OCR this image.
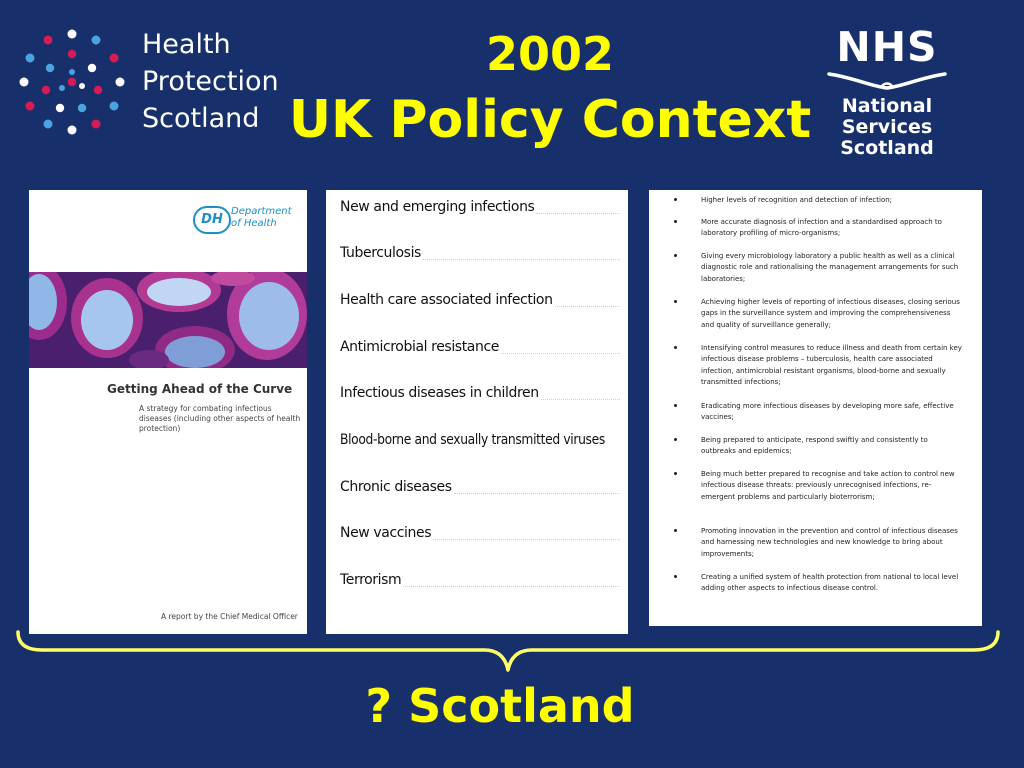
Health
Protection
Scotland
2002
UK Policy Context
NHS
National
Services
Scotland
DH
Department
of Health
Getting Ahead of the Curve
A strategy for combating infectious diseases (including other aspects of health protection)
A report by the Chief Medical Officer
New and emerging infections
Tuberculosis
Health care associated infection
Antimicrobial resistance
Infectious diseases in children
Blood-borne and sexually transmitted viruses
Chronic diseases
New vaccines
Terrorism
Higher levels of recognition and detection of infection;
More accurate diagnosis of infection and a standardised approach to laboratory profiling of micro-organisms;
Giving every microbiology laboratory a public health as well as a clinical diagnostic role and rationalising the management arrangements for such laboratories;
Achieving higher levels of reporting of infectious diseases, closing serious gaps in the surveillance system and improving the comprehensiveness and quality of surveillance generally;
Intensifying control measures to reduce illness and death from certain key infectious disease problems – tuberculosis, health care associated infection, antimicrobial resistant organisms, blood-borne and sexually transmitted infections;
Eradicating more infectious diseases by developing more safe, effective vaccines;
Being prepared to anticipate, respond swiftly and consistently to outbreaks and epidemics;
Being much better prepared to recognise and take action to control new infectious disease threats: previously unrecognised infections, re-emergent problems and particularly bioterrorism;
Promoting innovation in the prevention and control of infectious diseases and harnessing new technologies and new knowledge to bring about improvements;
Creating a unified system of health protection from national to local level adding other aspects to infectious disease control.
? Scotland
